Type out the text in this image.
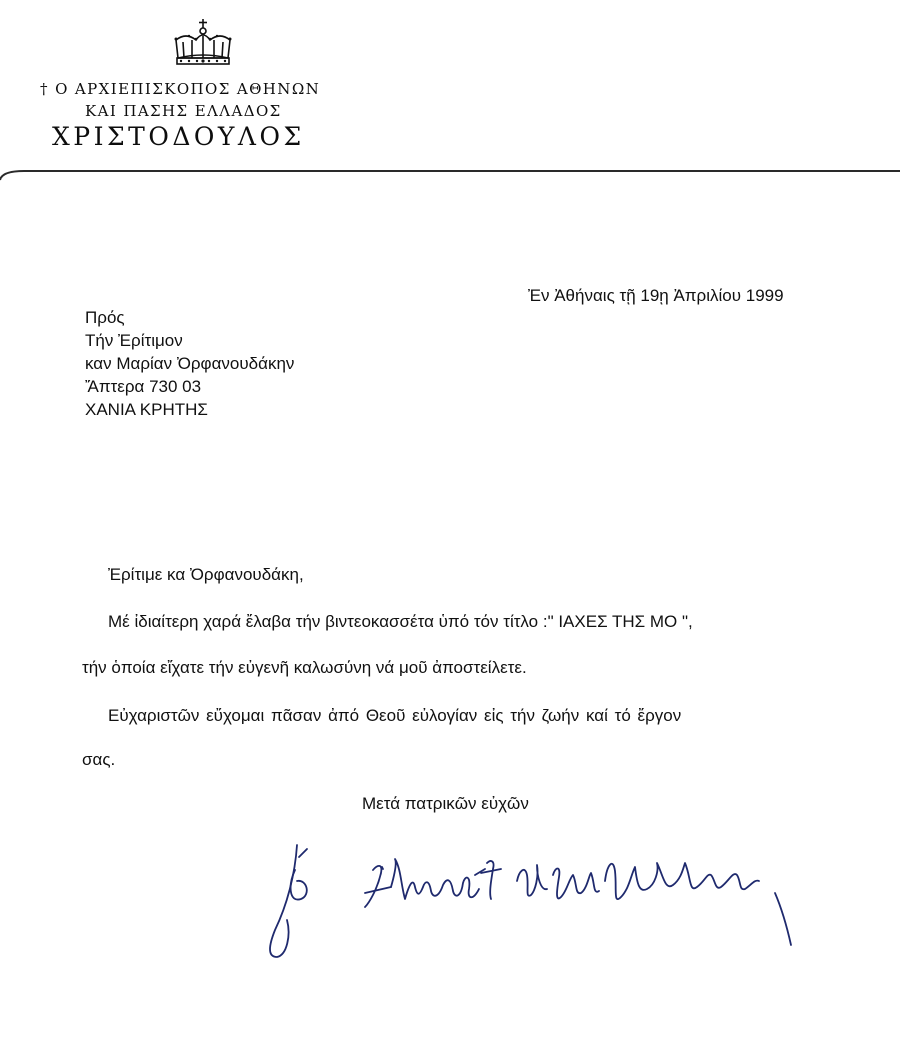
† Ο ΑΡΧΙΕΠΙΣΚΟΠΟΣ ΑΘΗΝΩΝ
ΚΑΙ ΠΑΣΗΣ ΕΛΛΑΔΟΣ
ΧΡΙΣΤΟΔΟΥΛΟΣ
Ἐν Ἀθήναις τῇ 19ῃ Ἀπριλίου 1999
Πρός
Τήν Ἐρίτιμον
καν Μαρίαν Ὀρφανουδάκην
Ἄπτερα 730 03
ΧΑΝΙΑ ΚΡΗΤΗΣ
Ἐρίτιμε κα Ὀρφανουδάκη,
Μέ ἰδιαίτερη χαρά ἔλαβα τήν βιντεοκασσέτα ὑπό τόν τίτλο :" ΙΑΧΕΣ ΤΗΣ ΜΟ ",
τήν ὁποία εἴχατε τήν εὐγενῆ καλωσύνη νά μοῦ ἀποστείλετε.
Εὐχαριστῶν εὔχομαι πᾶσαν ἀπό Θεοῦ εὐλογίαν εἰς τήν ζωήν καί τό ἔργον
σας.
Μετά πατρικῶν εὐχῶν
